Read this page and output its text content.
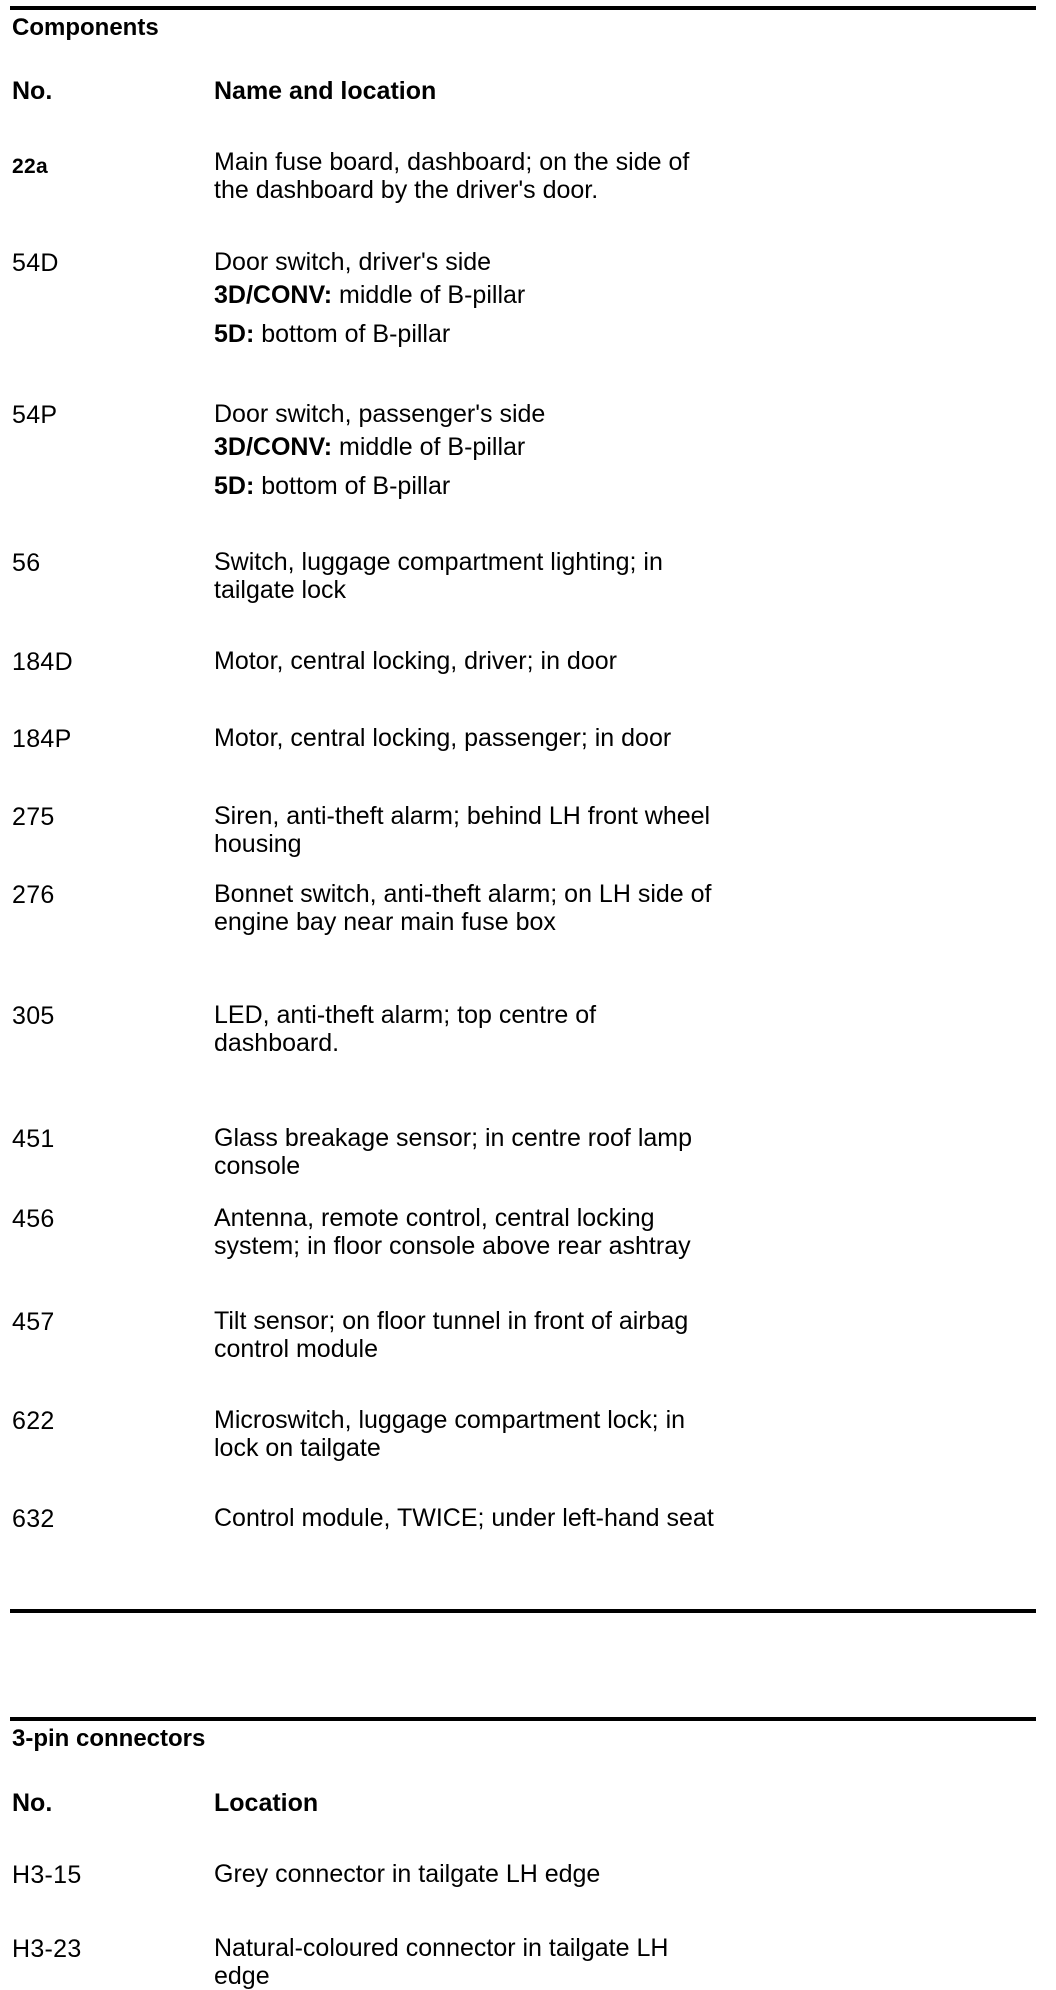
Components
No.	Name and location
22a	Main fuse board, dashboard; on the side of
the dashboard by the driver's door.
54D	Door switch, driver's side
3D/CONV: middle of B-pillar
5D: bottom of B-pillar
54P	Door switch, passenger's side
3D/CONV: middle of B-pillar
5D: bottom of B-pillar
56	Switch, luggage compartment lighting; in
tailgate lock
184D	Motor, central locking, driver; in door
184P	Motor, central locking, passenger; in door
275	Siren, anti-theft alarm; behind LH front wheel
housing
276	Bonnet switch, anti-theft alarm; on LH side of
engine bay near main fuse box
305	LED, anti-theft alarm; top centre of
dashboard.
451	Glass breakage sensor; in centre roof lamp
console
456	Antenna, remote control, central locking
system; in floor console above rear ashtray
457	Tilt sensor; on floor tunnel in front of airbag
control module
622	Microswitch, luggage compartment lock; in
lock on tailgate
632	Control module, TWICE; under left-hand seat
3-pin connectors
No.	Location
H3-15	Grey connector in tailgate LH edge
H3-23	Natural-coloured connector in tailgate LH
edge
